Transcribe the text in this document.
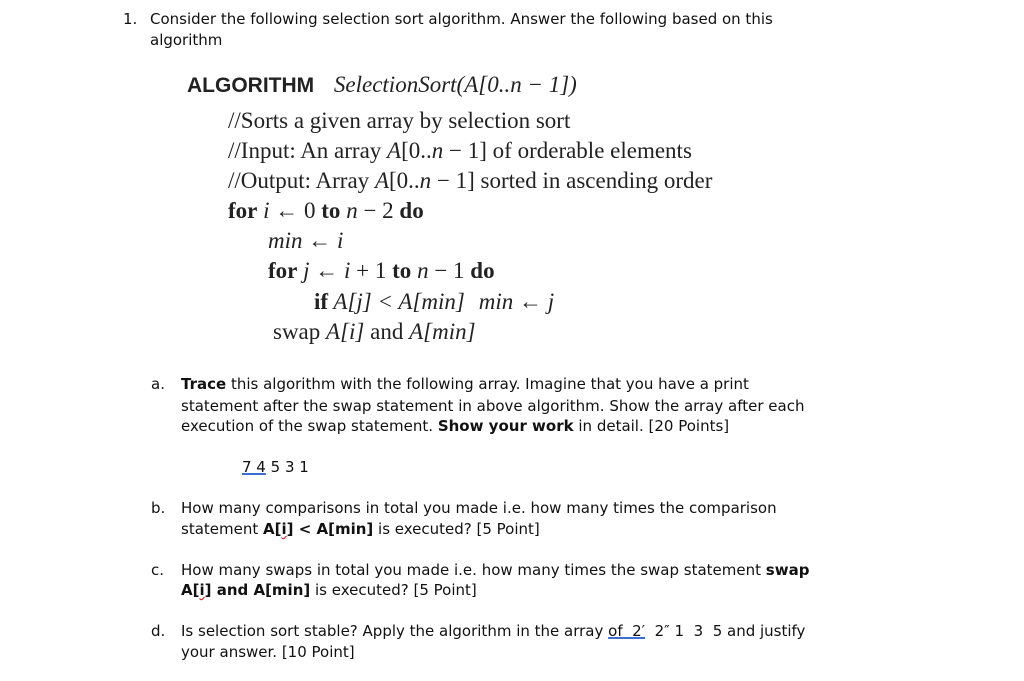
1. Consider the following selection sort algorithm. Answer the following based on this
algorithm
ALGORITHM SelectionSort(A[0..n − 1])
//Sorts a given array by selection sort
//Input: An array A[0..n − 1] of orderable elements
//Output: Array A[0..n − 1] sorted in ascending order
for i ← 0 to n − 2 do
min ← i
for j ← i + 1 to n − 1 do
if A[j] < A[min] min ← j
swap A[i] and A[min]
a. Trace this algorithm with the following array. Imagine that you have a print
statement after the swap statement in above algorithm. Show the array after each
execution of the swap statement. Show your work in detail. [20 Points]
7 4 5 3 1
b. How many comparisons in total you made i.e. how many times the comparison
statement A[i] < A[min] is executed? [5 Point]
c. How many swaps in total you made i.e. how many times the swap statement swap
A[i] and A[min] is executed? [5 Point]
d. Is selection sort stable? Apply the algorithm in the array of  2′  2″ 1  3  5 and justify
your answer. [10 Point]
